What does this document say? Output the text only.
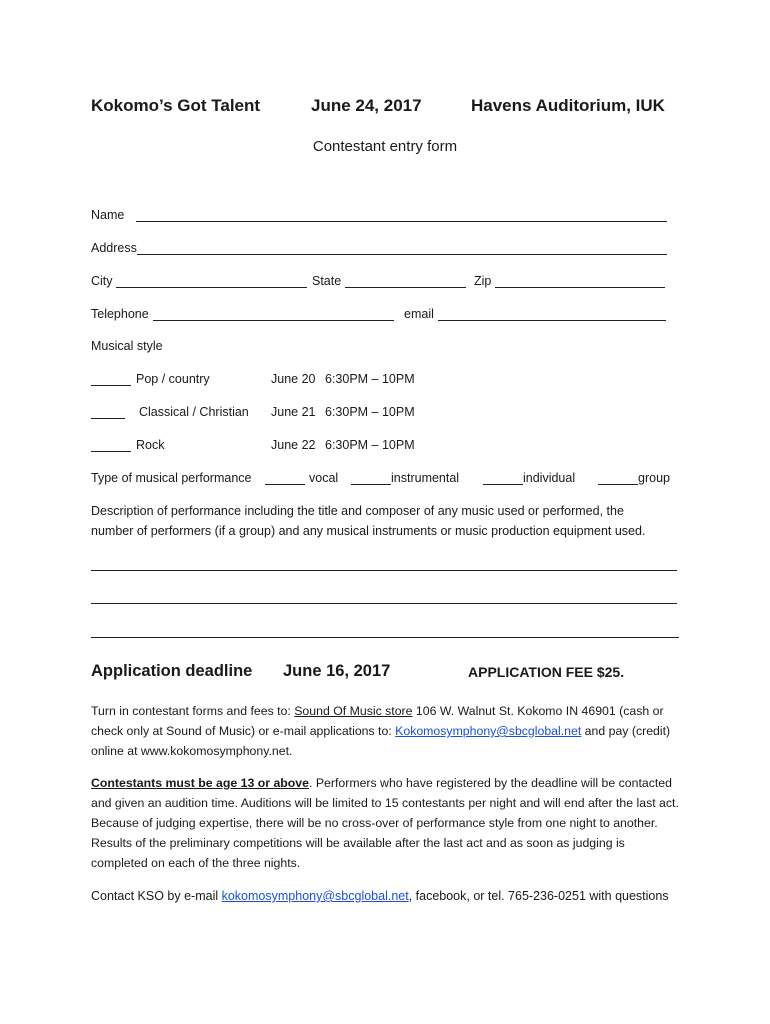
Kokomo’s Got Talent	June 24, 2017	Havens Auditorium, IUK
Contestant entry form
Name
Address
City	State	Zip
Telephone	email
Musical style
Pop / country	June 20 6:30PM – 10PM
Classical / Christian June 21 6:30PM – 10PM
Rock	June 22 6:30PM – 10PM
Type of musical performance	vocal	instrumental	individual	group
Description of performance including the title and composer of any music used or performed, the
number of performers (if a group) and any musical instruments or music production equipment used.
Application deadline June 16, 2017	APPLICATION FEE $25.
Turn in contestant forms and fees to: Sound Of Music store 106 W. Walnut St. Kokomo IN 46901 (cash or check only at Sound of Music) or e-mail applications to: Kokomosymphony@sbcglobal.net and pay (credit) online at www.kokomosymphony.net.
Contestants must be age 13 or above. Performers who have registered by the deadline will be contacted and given an audition time. Auditions will be limited to 15 contestants per night and will end after the last act. Because of judging expertise, there will be no cross-over of performance style from one night to another. Results of the preliminary competitions will be available after the last act and as soon as judging is completed on each of the three nights.
Contact KSO by e-mail kokomosymphony@sbcglobal.net, facebook, or tel. 765-236-0251 with questions
